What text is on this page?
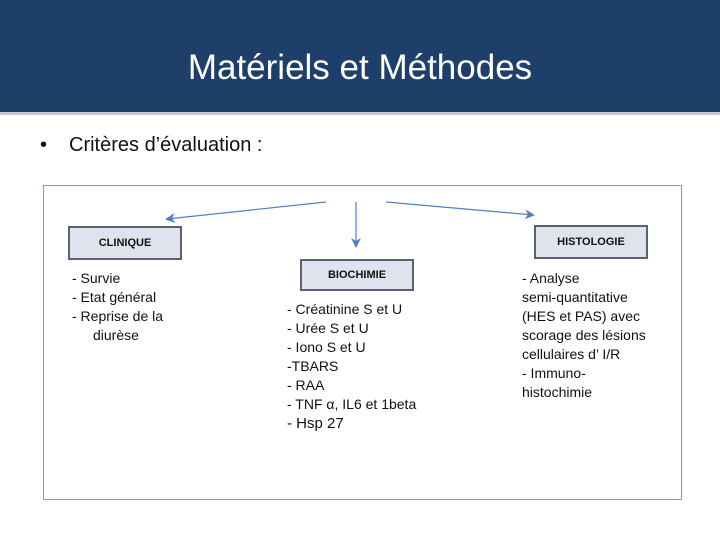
Matériels et Méthodes
• Critères d’évaluation :
CLINIQUE
BIOCHIMIE
HISTOLOGIE
- Survie
- Etat général
- Reprise de la
diurèse
- Créatinine S et U
- Urée S et U
- Iono S et U
-TBARS
- RAA
- TNF α, IL6 et 1beta
- Hsp 27
- Analyse
semi-quantitative
(HES et PAS) avec
scorage des lésions
cellulaires d’ I/R
- Immuno-
histochimie
